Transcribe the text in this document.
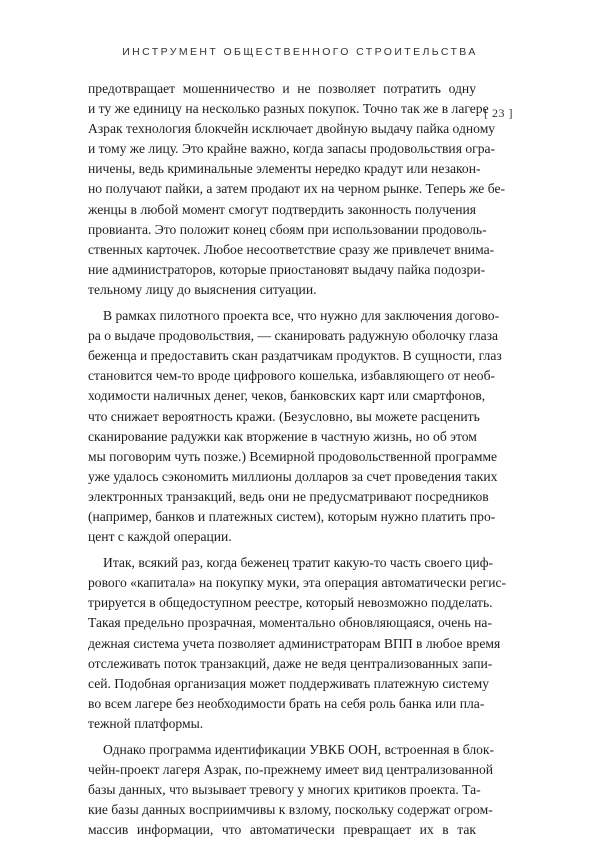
ИНСТРУМЕНТ ОБЩЕСТВЕННОГО СТРОИТЕЛЬСТВА
[ 23 ]

предотвращает мошенничество и не позволяет потратить одну
и ту же единицу на несколько разных покупок. Точно так же в лагере
Азрак технология блокчейн исключает двойную выдачу пайка одному
и тому же лицу. Это крайне важно, когда запасы продовольствия огра-
ничены, ведь криминальные элементы нередко крадут или незакон-
но получают пайки, а затем продают их на черном рынке. Теперь же бе-
женцы в любой момент смогут подтвердить законность получения
провианта. Это положит конец сбоям при использовании продоволь-
ственных карточек. Любое несоответствие сразу же привлечет внима-
ние администраторов, которые приостановят выдачу пайка подозри-
тельному лицу до выяснения ситуации.

В рамках пилотного проекта все, что нужно для заключения догово-
ра о выдаче продовольствия, — сканировать радужную оболочку глаза
беженца и предоставить скан раздатчикам продуктов. В сущности, глаз
становится чем-то вроде цифрового кошелька, избавляющего от необ-
ходимости наличных денег, чеков, банковских карт или смартфонов,
что снижает вероятность кражи. (Безусловно, вы можете расценить
сканирование радужки как вторжение в частную жизнь, но об этом
мы поговорим чуть позже.) Всемирной продовольственной программе
уже удалось сэкономить миллионы долларов за счет проведения таких
электронных транзакций, ведь они не предусматривают посредников
(например, банков и платежных систем), которым нужно платить про-
цент с каждой операции.

Итак, всякий раз, когда беженец тратит какую-то часть своего циф-
рового «капитала» на покупку муки, эта операция автоматически регис-
трируется в общедоступном реестре, который невозможно подделать.
Такая предельно прозрачная, моментально обновляющаяся, очень на-
дежная система учета позволяет администраторам ВПП в любое время
отслеживать поток транзакций, даже не ведя централизованных запи-
сей. Подобная организация может поддерживать платежную систему
во всем лагере без необходимости брать на себя роль банка или пла-
тежной платформы.

Однако программа идентификации УВКБ ООН, встроенная в блок-
чейн-проект лагеря Азрак, по-прежнему имеет вид централизованной
базы данных, что вызывает тревогу у многих критиков проекта. Та-
кие базы данных восприимчивы к взлому, поскольку содержат огром-
массив информации, что автоматически превращает их в так
